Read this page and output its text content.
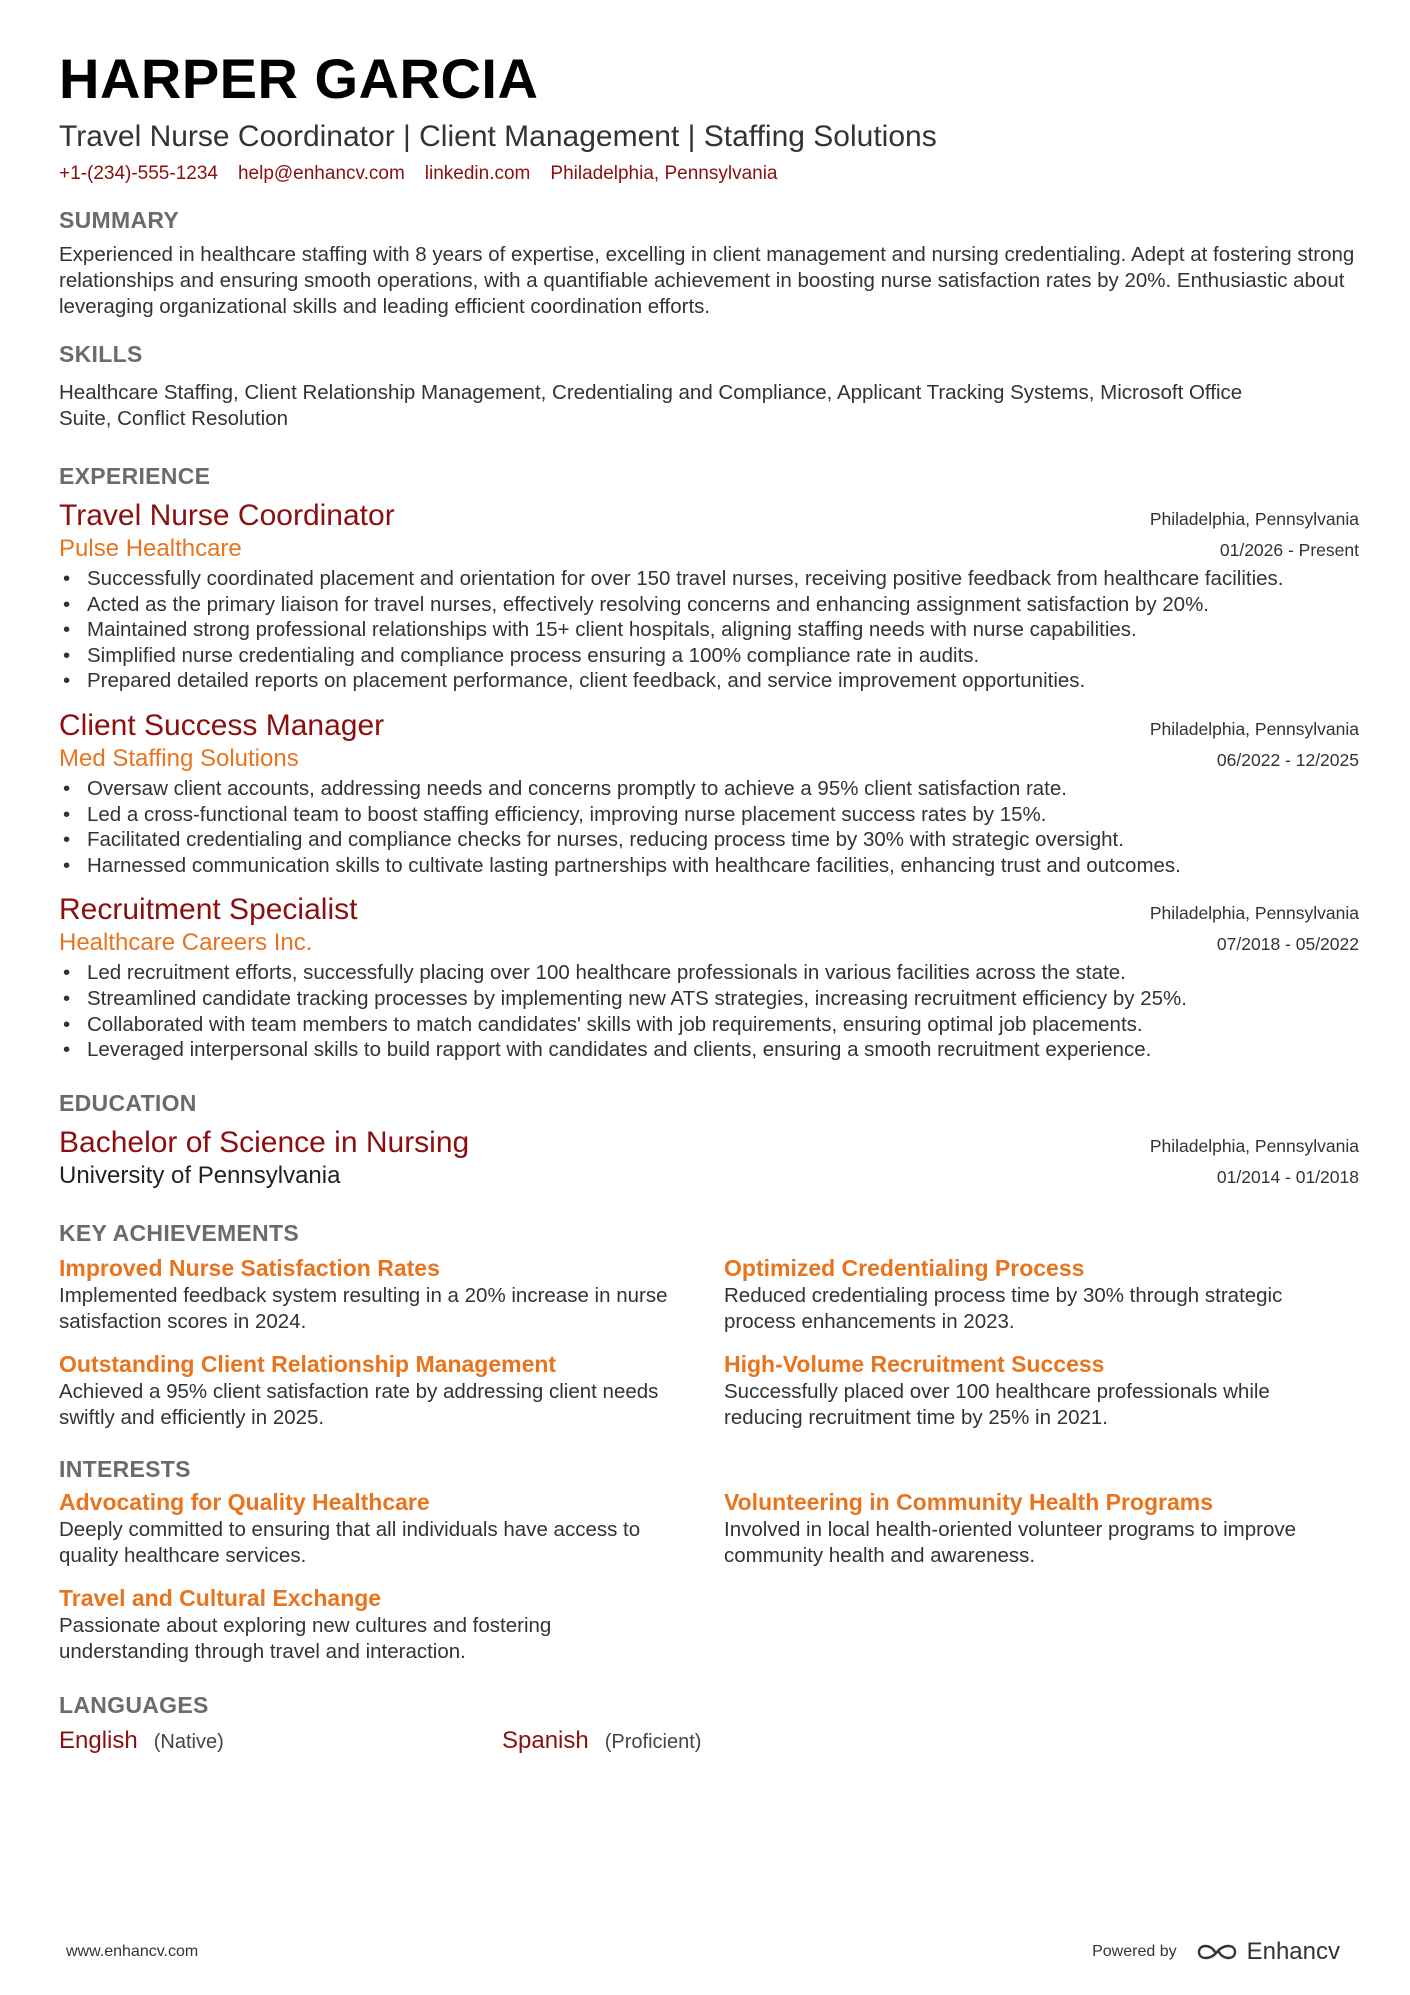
HARPER GARCIA
Travel Nurse Coordinator | Client Management | Staffing Solutions
+1-(234)-555-1234 help@enhancv.com linkedin.com Philadelphia, Pennsylvania
SUMMARY
Experienced in healthcare staffing with 8 years of expertise, excelling in client management and nursing credentialing. Adept at fostering strong relationships and ensuring smooth operations, with a quantifiable achievement in boosting nurse satisfaction rates by 20%. Enthusiastic about leveraging organizational skills and leading efficient coordination efforts.
SKILLS
Healthcare Staffing, Client Relationship Management, Credentialing and Compliance, Applicant Tracking Systems, Microsoft Office Suite, Conflict Resolution
EXPERIENCE
Travel Nurse Coordinator	Philadelphia, Pennsylvania
Pulse Healthcare	01/2026 - Present
• Successfully coordinated placement and orientation for over 150 travel nurses, receiving positive feedback from healthcare facilities.
• Acted as the primary liaison for travel nurses, effectively resolving concerns and enhancing assignment satisfaction by 20%.
• Maintained strong professional relationships with 15+ client hospitals, aligning staffing needs with nurse capabilities.
• Simplified nurse credentialing and compliance process ensuring a 100% compliance rate in audits.
• Prepared detailed reports on placement performance, client feedback, and service improvement opportunities.
Client Success Manager	Philadelphia, Pennsylvania
Med Staffing Solutions	06/2022 - 12/2025
• Oversaw client accounts, addressing needs and concerns promptly to achieve a 95% client satisfaction rate.
• Led a cross-functional team to boost staffing efficiency, improving nurse placement success rates by 15%.
• Facilitated credentialing and compliance checks for nurses, reducing process time by 30% with strategic oversight.
• Harnessed communication skills to cultivate lasting partnerships with healthcare facilities, enhancing trust and outcomes.
Recruitment Specialist	Philadelphia, Pennsylvania
Healthcare Careers Inc.	07/2018 - 05/2022
• Led recruitment efforts, successfully placing over 100 healthcare professionals in various facilities across the state.
• Streamlined candidate tracking processes by implementing new ATS strategies, increasing recruitment efficiency by 25%.
• Collaborated with team members to match candidates' skills with job requirements, ensuring optimal job placements.
• Leveraged interpersonal skills to build rapport with candidates and clients, ensuring a smooth recruitment experience.
EDUCATION
Bachelor of Science in Nursing	Philadelphia, Pennsylvania
University of Pennsylvania	01/2014 - 01/2018
KEY ACHIEVEMENTS
Improved Nurse Satisfaction Rates
Implemented feedback system resulting in a 20% increase in nurse satisfaction scores in 2024.
Optimized Credentialing Process
Reduced credentialing process time by 30% through strategic process enhancements in 2023.
Outstanding Client Relationship Management
Achieved a 95% client satisfaction rate by addressing client needs swiftly and efficiently in 2025.
High-Volume Recruitment Success
Successfully placed over 100 healthcare professionals while reducing recruitment time by 25% in 2021.
INTERESTS
Advocating for Quality Healthcare
Deeply committed to ensuring that all individuals have access to quality healthcare services.
Volunteering in Community Health Programs
Involved in local health-oriented volunteer programs to improve community health and awareness.
Travel and Cultural Exchange
Passionate about exploring new cultures and fostering understanding through travel and interaction.
LANGUAGES
English (Native)	Spanish (Proficient)
www.enhancv.com	Powered by	Enhancv
